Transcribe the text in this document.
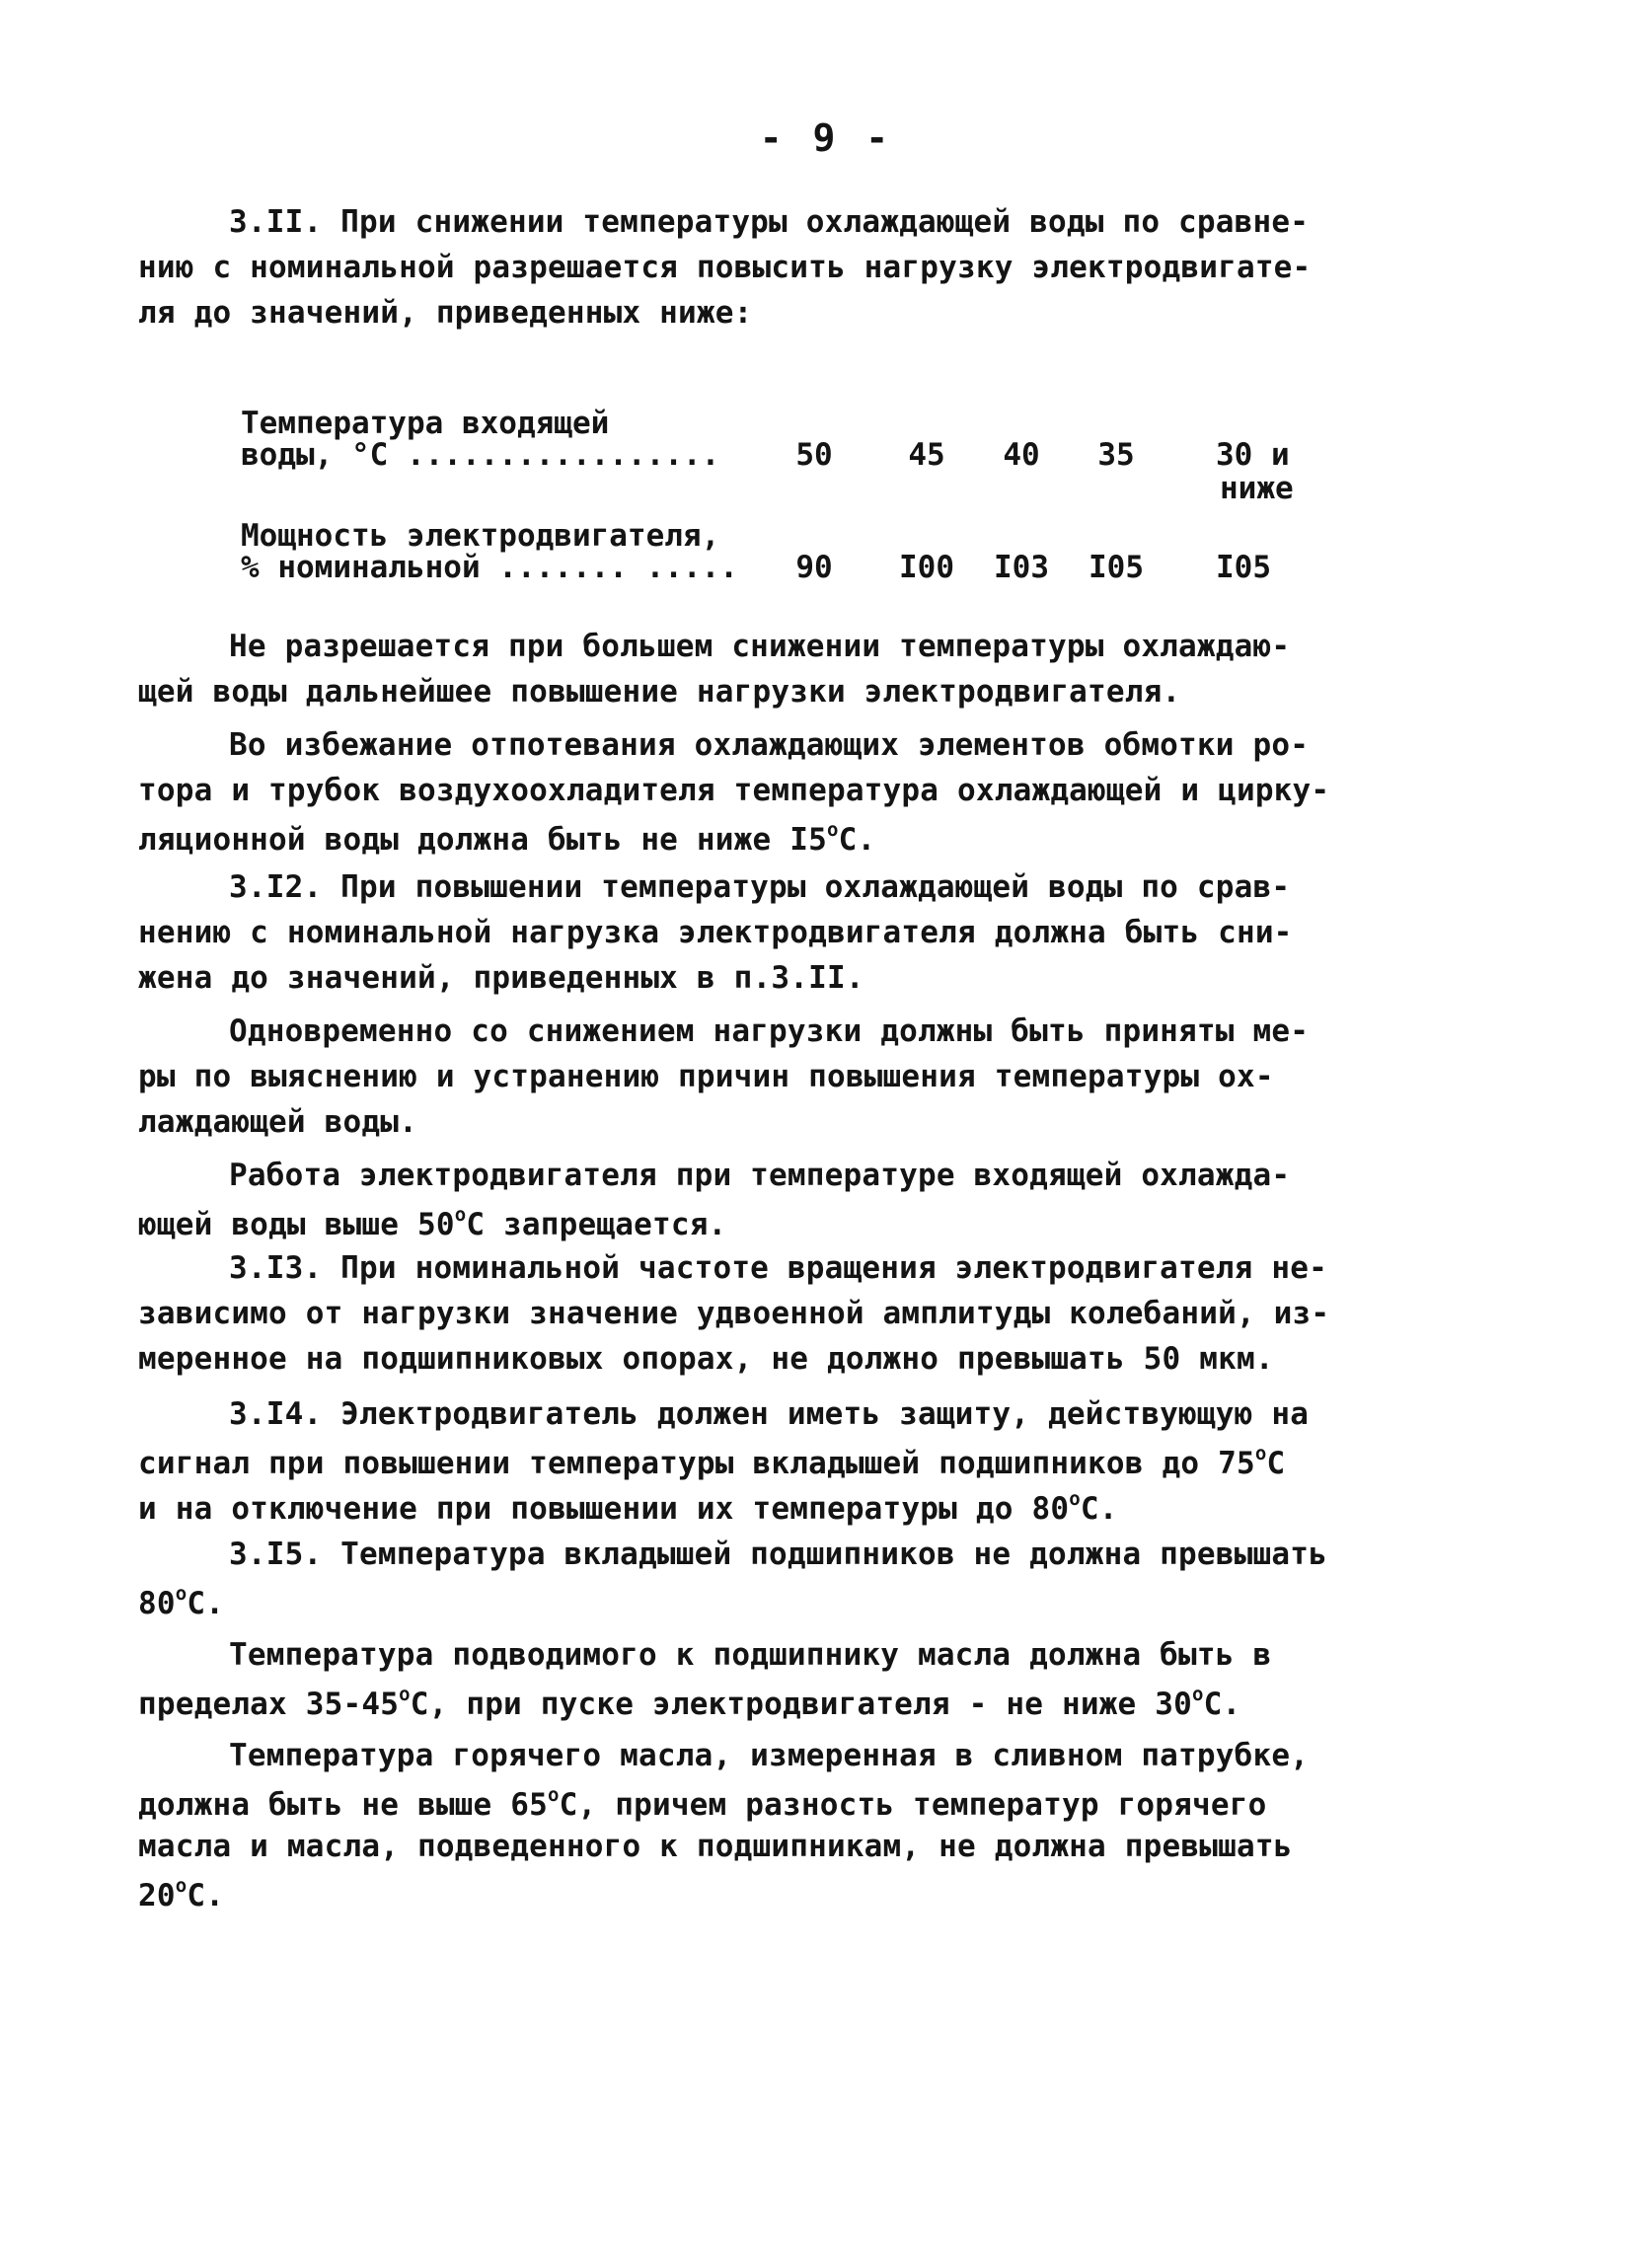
- 9 -
3.II. При снижении температуры охлаждающей воды по сравне-
нию с номинальной разрешается повысить нагрузку электродвигате-
ля до значений, приведенных ниже:
Температура входящей
воды, °С .................	50	45	40	35	30 и
ниже
Мощность электродвигателя,
% номинальной ....... .....	90	I00	I03	I05	I05
Не разрешается при большем снижении температуры охлаждаю-
щей воды дальнейшее повышение нагрузки электродвигателя.
Во избежание отпотевания охлаждающих элементов обмотки ро-
тора и трубок воздухоохладителя температура охлаждающей и цирку-
ляционной воды должна быть не ниже I5$^o$С.
3.I2. При повышении температуры охлаждающей воды по срав-
нению с номинальной нагрузка электродвигателя должна быть сни-
жена до значений, приведенных в п.3.II.
Одновременно со снижением нагрузки должны быть приняты ме-
ры по выяснению и устранению причин повышения температуры ох-
лаждающей воды.
Работа электродвигателя при температуре входящей охлажда-
ющей воды выше 50$^o$С запрещается.
3.I3. При номинальной частоте вращения электродвигателя не-
зависимо от нагрузки значение удвоенной амплитуды колебаний, из-
меренное на подшипниковых опорах, не должно превышать 50 мкм.
3.I4. Электродвигатель должен иметь защиту, действующую на
сигнал при повышении температуры вкладышей подшипников до 75$^o$С
и на отключение при повышении их температуры до 80$^o$С.
3.I5. Температура вкладышей подшипников не должна превышать
80$^o$С.
Температура подводимого к подшипнику масла должна быть в
пределах 35-45$^o$С, при пуске электродвигателя - не ниже 30$^o$С.
Температура горячего масла, измеренная в сливном патрубке,
должна быть не выше 65$^o$С, причем разность температур горячего
масла и масла, подведенного к подшипникам, не должна превышать
20$^o$С.
